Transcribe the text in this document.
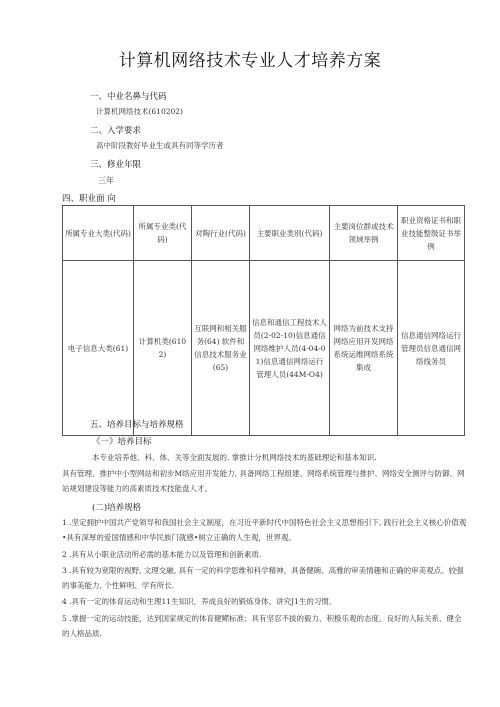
计算机网络技术专业人才培养方案
一、中业名鼻与代码
计算机网络技术(610202)
二、入学要求
高中阶段教好毕业生或具有同等学历者
三、修业年限
三年
四、职业面 向
所属专业大类(代码)	所属专业类(代码)	对陶行业(代码)	主要职业类别(代码)	主要岗位群或技术领域举例	职业资格证书和职业技能整级证书举例
电子信息大类(61)	计算机类(6102)	互联网和相关服务(64) 软件和信息技术服务业(65)	信息和通信工程技术人员(2-02-10)信息通信网络维护人员(4-04-01)信息通信网络运行管理人员(44M-O4)	网络为前技术支持网络应用开发网络系统运维网络系统集成	信息通信网络运行管理员信息通信网络线务员
五、培养目标与培养规格
《一》培养目标
本专业培养他、科、体、关等全面发展的. 掌推计分机网络技术的基础理论和基本知识.
具有管理、推护中小型网站和初步M络应用开发能力, 具备网络工程组建、网络系统管理与推护、网络安全测评与防御、网站规划建设等能力的高素质技术技能盘人才。
(二)培养规格
1 .坚定拥护中国共产党领导和我国社会主义制度，在习近平新时代中国特色社会主义思想指引下, 践行社会主义核心价值观•具有深厚的爱国情感和中华民族门就感•树立正确的人生观，世界观。
2 .具有从小职业活动所必需的基本能力以及管理和创新素质.
3 .具有较为宽限的视野, 文理交融, 具有一定的科学思维和科学精神，具备健碗、高雅的审美情趣和正确的审美观点、较强的事美能力, 个性鲜明、学有所长.
4 .具有一定的体育运动和生理11生知识，养成良好的锻炼身体、讲究J1生的习惯。
5 .掌握一定的运动技能，达到国家规定的体育健鳏标准；具有坚忍不拔的毅力、积极乐观的态度、良好的人际关系、健全的人格品质.
